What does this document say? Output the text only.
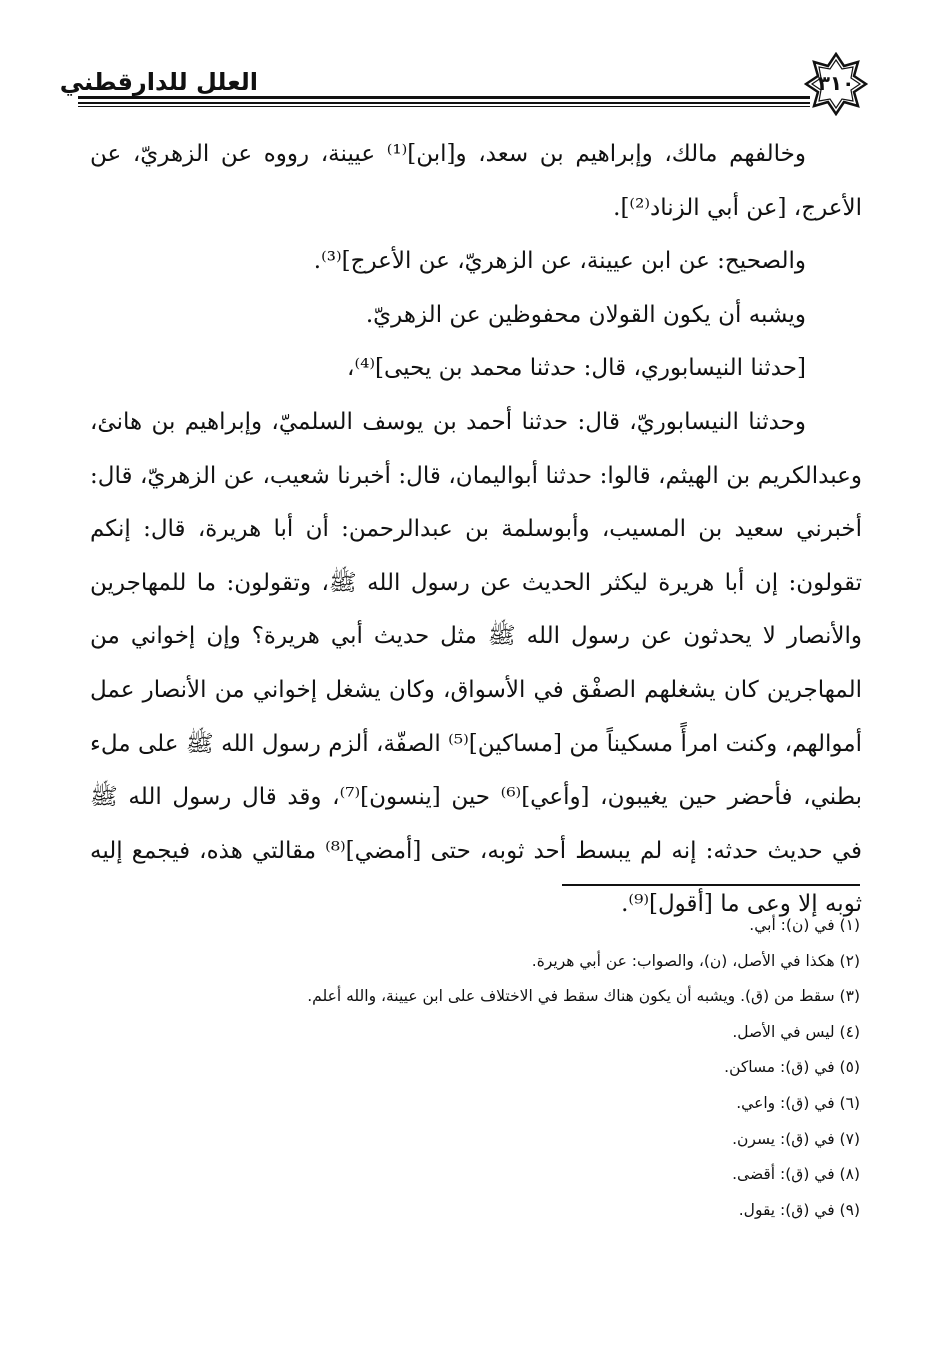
العلل للدارقطني	٣١٠

وخالفهم مالك، وإبراهيم بن سعد، و[ابن]⁽¹⁾ عيينة، رووه عن الزهريّ، عن الأعرج، [عن أبي الزناد⁽²⁾].

والصحيح: عن ابن عيينة، عن الزهريّ، عن الأعرج]⁽³⁾.

ويشبه أن يكون القولان محفوظين عن الزهريّ.

[حدثنا النيسابوري، قال: حدثنا محمد بن يحيى]⁽⁴⁾،

وحدثنا النيسابوريّ، قال: حدثنا أحمد بن يوسف السلميّ، وإبراهيم بن هانئ، وعبدالكريم بن الهيثم، قالوا: حدثنا أبواليمان، قال: أخبرنا شعيب، عن الزهريّ، قال: أخبرني سعيد بن المسيب، وأبوسلمة بن عبدالرحمن: أن أبا هريرة، قال: إنكم تقولون: إن أبا هريرة ليكثر الحديث عن رسول الله ﷺ، وتقولون: ما للمهاجرين والأنصار لا يحدثون عن رسول الله ﷺ مثل حديث أبي هريرة؟ وإن إخواني من المهاجرين كان يشغلهم الصفْق في الأسواق، وكان يشغل إخواني من الأنصار عمل أموالهم، وكنت امرأً مسكيناً من [مساكين]⁽⁵⁾ الصفّة، ألزم رسول الله ﷺ على ملء بطني، فأحضر حين يغيبون، [وأعي]⁽⁶⁾ حين [ينسون]⁽⁷⁾، وقد قال رسول الله ﷺ في حديث حدثه: إنه لم يبسط أحد ثوبه، حتى [أمضي]⁽⁸⁾ مقالتي هذه، فيجمع إليه ثوبه إلا وعى ما [أقول]⁽⁹⁾.

(١) في (ن): أبي.
(٢) هكذا في الأصل، (ن)، والصواب: عن أبي هريرة.
(٣) سقط من (ق). ويشبه أن يكون هناك سقط في الاختلاف على ابن عيينة، والله أعلم.
(٤) ليس في الأصل.
(٥) في (ق): مساكن.
(٦) في (ق): واعي.
(٧) في (ق): يسرن.
(٨) في (ق): أقضى.
(٩) في (ق): يقول.
